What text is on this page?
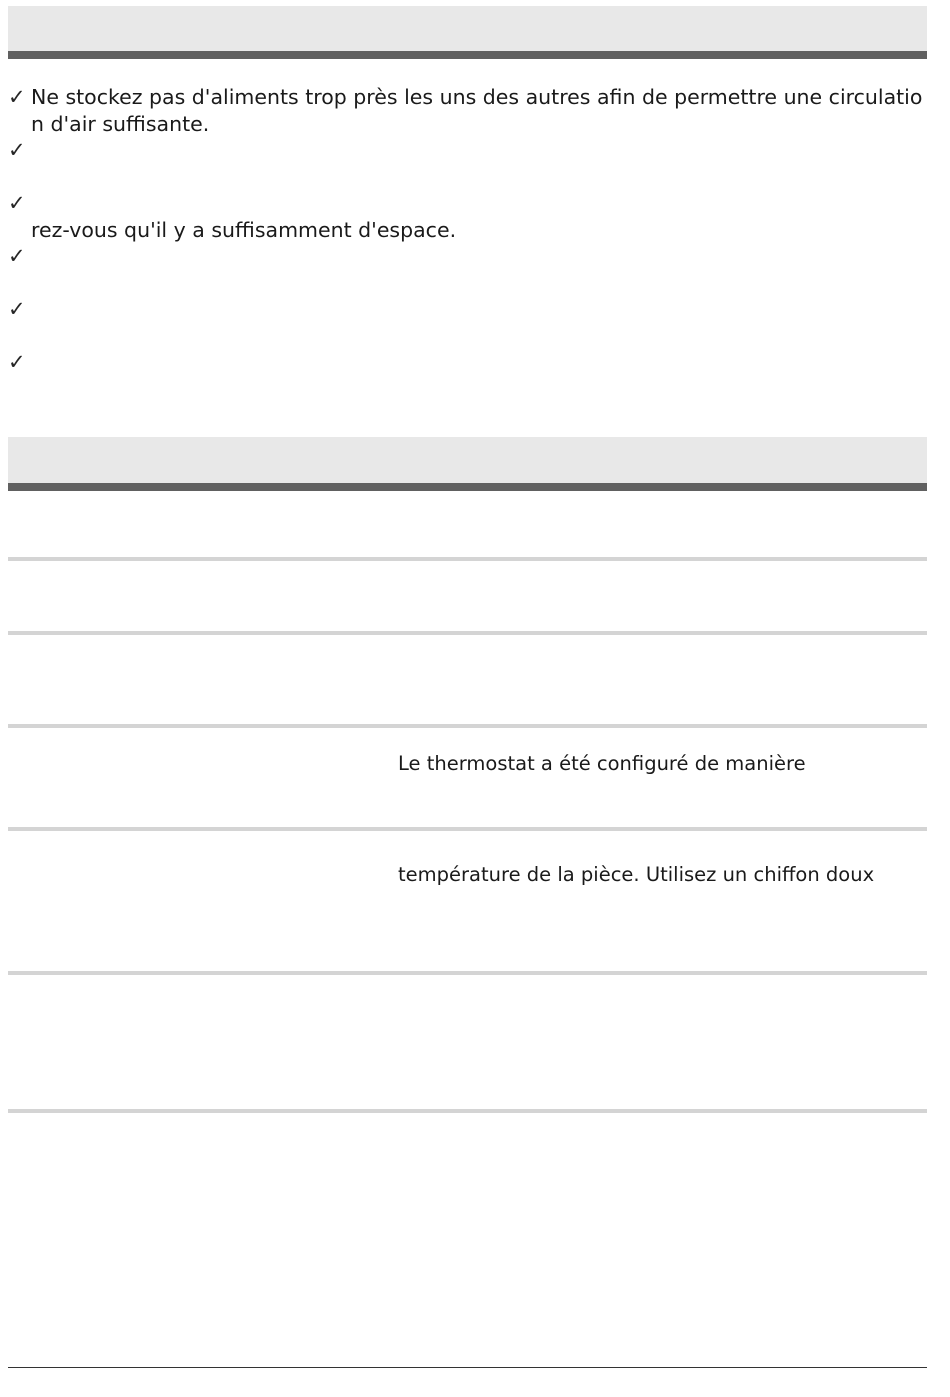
✓ Ne stockez pas d'aliments trop près les uns des autres afin de permettre une circulation d'air suffisante.
✓
✓
rez-vous qu'il y a suffisamment d'espace.
✓
✓
✓
Le thermostat a été configuré de manière
température de la pièce. Utilisez un chiffon doux
